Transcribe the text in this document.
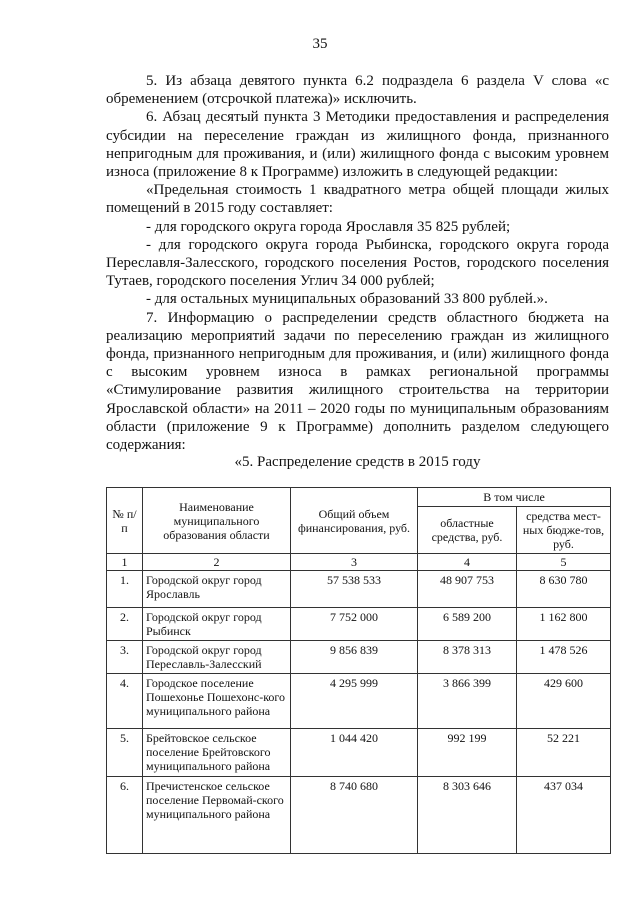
35

5. Из абзаца девятого пункта 6.2 подраздела 6 раздела V слова «с обременением (отсрочкой платежа)» исключить.

6. Абзац десятый пункта 3 Методики предоставления и распределения субсидии на переселение граждан из жилищного фонда, признанного непригодным для проживания, и (или) жилищного фонда с высоким уровнем износа (приложение 8 к Программе) изложить в следующей редакции:

«Предельная стоимость 1 квадратного метра общей площади жилых помещений в 2015 году составляет:

- для городского округа города Ярославля 35 825 рублей;

- для городского округа города Рыбинска, городского округа города Переславля-Залесского, городского поселения Ростов, городского поселения Тутаев, городского поселения Углич 34 000 рублей;

- для остальных муниципальных образований 33 800 рублей.».

7. Информацию о распределении средств областного бюджета на реализацию мероприятий задачи по переселению граждан из жилищного фонда, признанного непригодным для проживания, и (или) жилищного фонда с высоким уровнем износа в рамках региональной программы «Стимулирование развития жилищного строительства на территории Ярославской области» на 2011 – 2020 годы по муниципальным образованиям области (приложение 9 к Программе) дополнить разделом следующего содержания:

«5. Распределение средств в 2015 году
№ п/п	Наименование муниципального образования области	Общий объем финансирования, руб.	В том числе	
			областные средства, руб.	средства мест-ных бюдже-тов, руб.
1	2	3	4	5
1.	Городской округ город Ярославль	57 538 533	48 907 753	8 630 780
2.	Городской округ город Рыбинск	7 752 000	6 589 200	1 162 800
3.	Городской округ город Переславль-Залесский	9 856 839	8 378 313	1 478 526
4.	Городское поселение Пошехонье Пошехонс-кого муниципального района	4 295 999	3 866 399	429 600
5.	Брейтовское сельское поселение Брейтовского муниципального района	1 044 420	992 199	52 221
6.	Пречистенское сельское поселение Первомай-ского муниципального района	8 740 680	8 303 646	437 034
